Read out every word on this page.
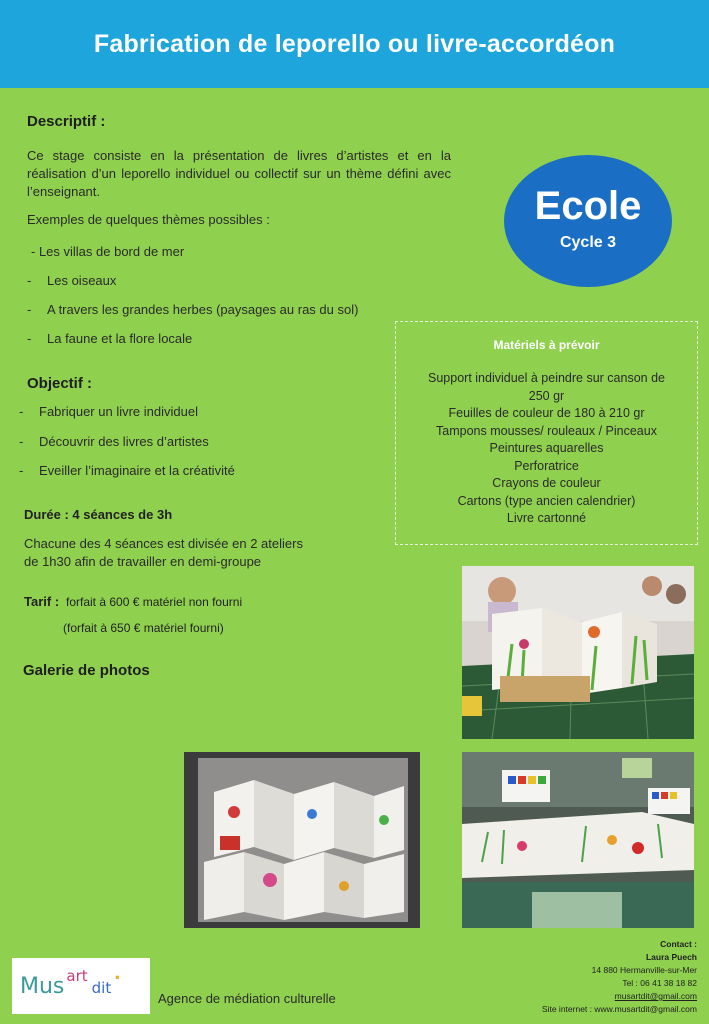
Fabrication de leporello ou livre-accordéon
Descriptif :
Ce stage consiste en la présentation de livres d’artistes et en la réalisation d’un leporello individuel ou collectif sur un thème défini avec l’enseignant.
Exemples de quelques thèmes possibles :
- Les villas de bord de mer
-	Les oiseaux
-	A travers les grandes herbes (paysages au ras du sol)
-	La faune et la flore locale
Ecole
Cycle 3
Matériels à prévoir
Support individuel à peindre sur canson de
250 gr
Feuilles de couleur de 180 à 210 gr
Tampons mousses/ rouleaux / Pinceaux
Peintures aquarelles
Perforatrice
Crayons de couleur
Cartons (type ancien calendrier)
Livre cartonné
Objectif :
-	Fabriquer un livre individuel
-	Découvrir des livres d’artistes
-	Eveiller l’imaginaire et la créativité
Durée : 4 séances de 3h
Chacune des 4 séances est divisée en 2 ateliers
de 1h30 afin de travailler en demi-groupe
Tarif : forfait à 600 € matériel non fourni
(forfait à 650 € matériel fourni)
Galerie de photos
Contact :
Laura Puech
14 880 Hermanville-sur-Mer
Tel : 06 41 38 18 82
musartdit@gmail.com
Site internet : www.musartdit@gmail.com
Mus art
dit
.
Agence de médiation culturelle
